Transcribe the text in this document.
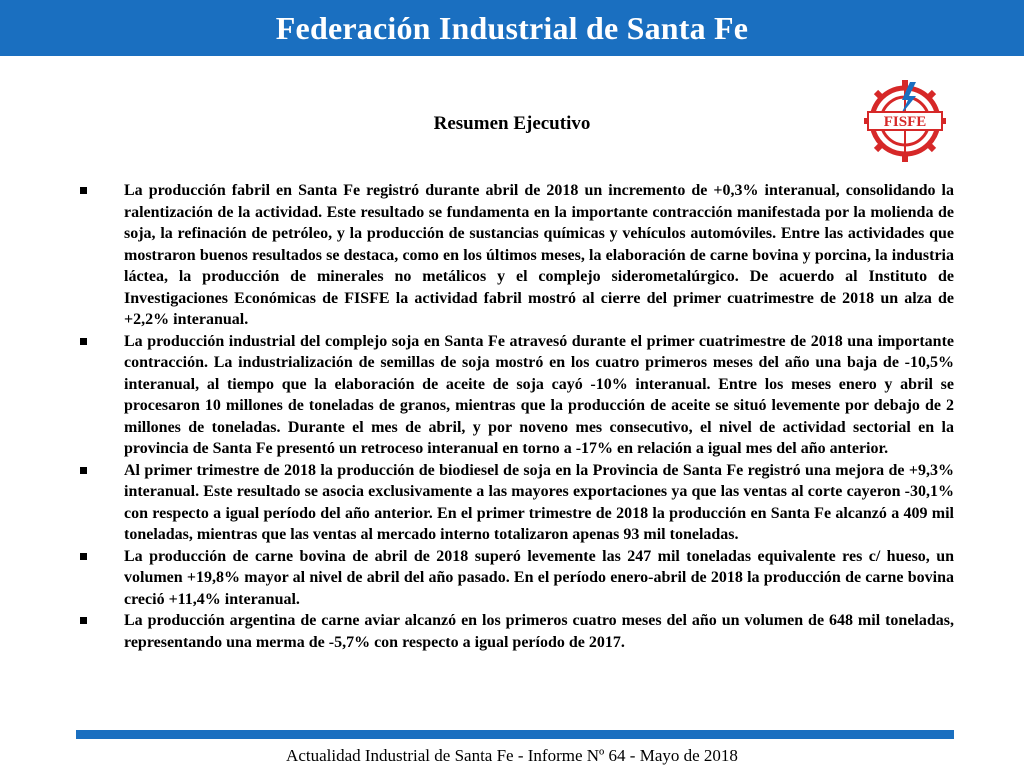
Federación Industrial de Santa Fe
Resumen Ejecutivo	FISFE
La producción fabril en Santa Fe registró durante abril de 2018 un incremento de +0,3% interanual, consolidando la ralentización de la actividad. Este resultado se fundamenta en la importante contracción manifestada por la molienda de soja, la refinación de petróleo, y la producción de sustancias químicas y vehículos automóviles. Entre las actividades que mostraron buenos resultados se destaca, como en los últimos meses, la elaboración de carne bovina y porcina, la industria láctea, la producción de minerales no metálicos y el complejo siderometalúrgico. De acuerdo al Instituto de Investigaciones Económicas de FISFE la actividad fabril mostró al cierre del primer cuatrimestre de 2018 un alza de +2,2% interanual.
La producción industrial del complejo soja en Santa Fe atravesó durante el primer cuatrimestre de 2018 una importante contracción. La industrialización de semillas de soja mostró en los cuatro primeros meses del año una baja de -10,5% interanual, al tiempo que la elaboración de aceite de soja cayó -10% interanual. Entre los meses enero y abril se procesaron 10 millones de toneladas de granos, mientras que la producción de aceite se situó levemente por debajo de 2 millones de toneladas. Durante el mes de abril, y por noveno mes consecutivo, el nivel de actividad sectorial en la provincia de Santa Fe presentó un retroceso interanual en torno a -17% en relación a igual mes del año anterior.
Al primer trimestre de 2018 la producción de biodiesel de soja en la Provincia de Santa Fe registró una mejora de +9,3% interanual. Este resultado se asocia exclusivamente a las mayores exportaciones ya que las ventas al corte cayeron -30,1% con respecto a igual período del año anterior. En el primer trimestre de 2018 la producción en Santa Fe alcanzó a 409 mil toneladas, mientras que las ventas al mercado interno totalizaron apenas 93 mil toneladas.
La producción de carne bovina de abril de 2018 superó levemente las 247 mil toneladas equivalente res c/ hueso, un volumen +19,8% mayor al nivel de abril del año pasado. En el período enero-abril de 2018 la producción de carne bovina creció +11,4% interanual.
La producción argentina de carne aviar alcanzó en los primeros cuatro meses del año un volumen de 648 mil toneladas, representando una merma de -5,7% con respecto a igual período de 2017.
Actualidad Industrial de Santa Fe - Informe Nº 64 - Mayo de 2018
